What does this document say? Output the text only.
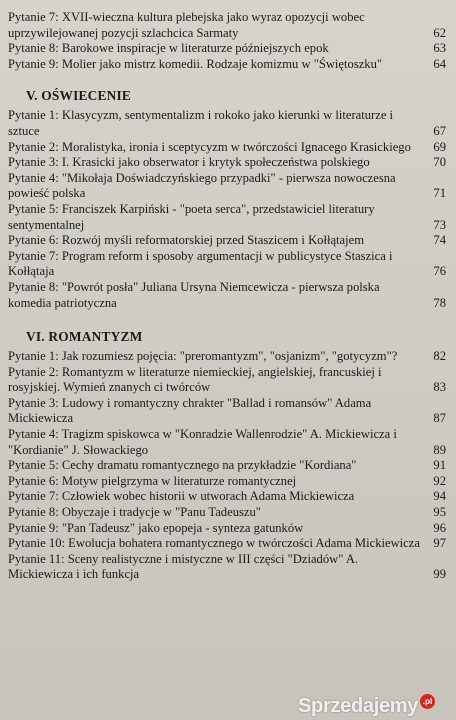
Pytanie 7: XVII-wieczna kultura plebejska jako wyraz opozycji wobec uprzywilejowanej pozycji szlachcica Sarmaty	62

Pytanie 8: Barokowe inspiracje w literaturze późniejszych epok	63

Pytanie 9: Molier jako mistrz komedii. Rodzaje komizmu w "Świętoszku"	64

V. OŚWIECENIE

Pytanie 1: Klasycyzm, sentymentalizm i rokoko jako kierunki w literaturze i sztuce	67

Pytanie 2: Moralistyka, ironia i sceptycyzm w twórczości Ignacego Krasickiego	69

Pytanie 3: I. Krasicki jako obserwator i krytyk społeczeństwa polskiego	70

Pytanie 4: "Mikołaja Doświadczyńskiego przypadki" - pierwsza nowoczesna powieść polska	71

Pytanie 5: Franciszek Karpiński - "poeta serca", przedstawiciel literatury sentymentalnej	73

Pytanie 6: Rozwój myśli reformatorskiej przed Staszicem i Kołłątajem	74

Pytanie 7: Program reform i sposoby argumentacji w publicystyce Staszica i Kołłątaja	76

Pytanie 8: "Powrót posła" Juliana Ursyna Niemcewicza - pierwsza polska komedia patriotyczna	78

VI. ROMANTYZM

Pytanie 1: Jak rozumiesz pojęcia: "preromantyzm", "osjanizm", "gotycyzm"?	82

Pytanie 2: Romantyzm w literaturze niemieckiej, angielskiej, francuskiej i rosyjskiej. Wymień znanych ci twórców	83

Pytanie 3: Ludowy i romantyczny chrakter "Ballad i romansów" Adama Mickiewicza	87

Pytanie 4: Tragizm spiskowca w "Konradzie Wallenrodzie" A. Mickiewicza i "Kordianie" J. Słowackiego	89

Pytanie 5: Cechy dramatu romantycznego na przykładzie "Kordiana"	91

Pytanie 6: Motyw pielgrzyma w literaturze romantycznej	92

Pytanie 7: Człowiek wobec historii w utworach Adama Mickiewicza	94

Pytanie 8: Obyczaje i tradycje w "Panu Tadeuszu"	95

Pytanie 9: "Pan Tadeusz" jako epopeja - synteza gatunków	96

Pytanie 10: Ewolucja bohatera romantycznego w twórczości Adama Mickiewicza 97

Pytanie 11: Sceny realistyczne i mistyczne w III części "Dziadów" A. Mickiewicza i ich funkcja	99

Sprzedajemy .pl
